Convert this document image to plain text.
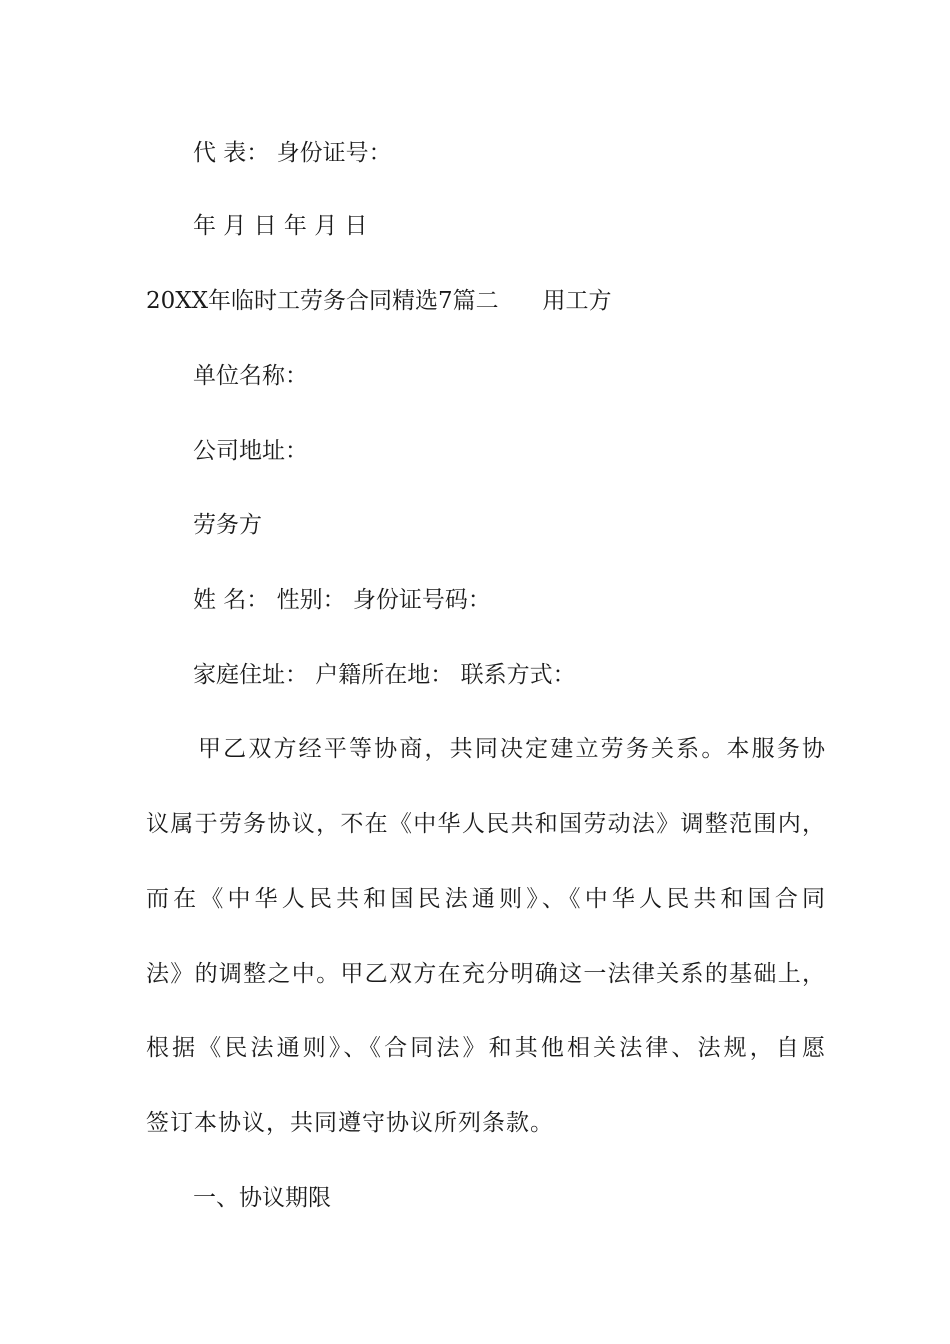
代 表： 身份证号：

年 月 日 年 月 日

20XX年临时工劳务合同精选7篇二      用工方

单位名称：

公司地址：

劳务方

姓 名： 性别： 身份证号码：

家庭住址： 户籍所在地： 联系方式：

甲乙双方经平等协商，共同决定建立劳务关系。本服务协
议属于劳务协议，不在《中华人民共和国劳动法》调整范围内，
而在《中华人民共和国民法通则》、《中华人民共和国合同
法》的调整之中。甲乙双方在充分明确这一法律关系的基础上，
根据《民法通则》、《合同法》和其他相关法律、法规，自愿

签订本协议，共同遵守协议所列条款。

一、协议期限
